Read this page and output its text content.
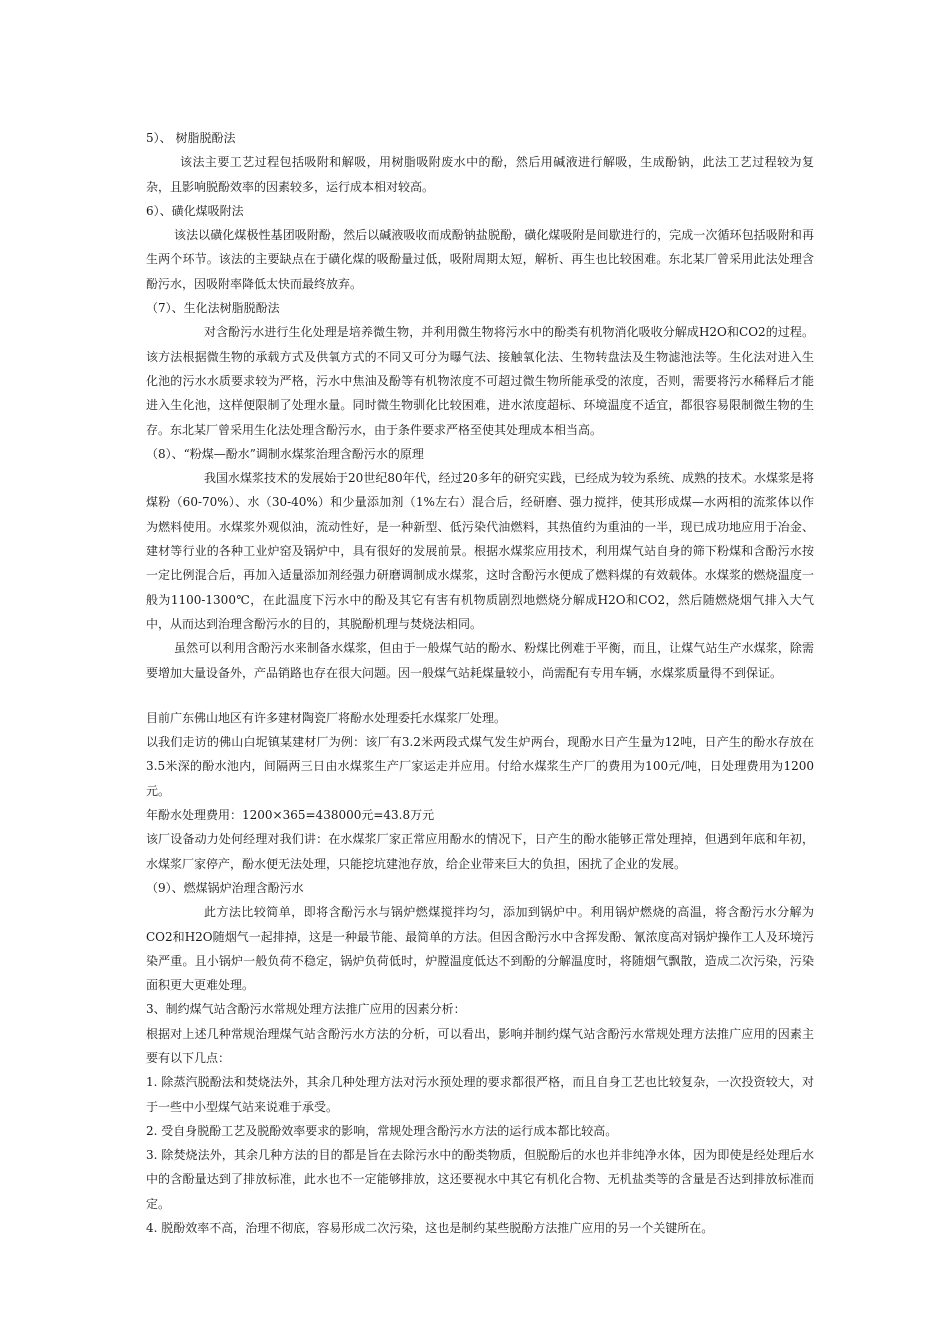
5）、 树脂脱酚法

该法主要工艺过程包括吸附和解吸，用树脂吸附废水中的酚，然后用碱液进行解吸，生成酚钠，此法工艺过程较为复杂，且影响脱酚效率的因素较多，运行成本相对较高。

6）、磺化煤吸附法

该法以磺化煤极性基团吸附酚，然后以碱液吸收而成酚钠盐脱酚，磺化煤吸附是间歇进行的，完成一次循环包括吸附和再生两个环节。该法的主要缺点在于磺化煤的吸酚量过低，吸附周期太短，解析、再生也比较困难。东北某厂曾采用此法处理含酚污水，因吸附率降低太快而最终放弃。

（7）、生化法树脂脱酚法

对含酚污水进行生化处理是培养微生物，并利用微生物将污水中的酚类有机物消化吸收分解成H2O和CO2的过程。该方法根据微生物的承载方式及供氧方式的不同又可分为曝气法、接触氧化法、生物转盘法及生物滤池法等。生化法对进入生化池的污水水质要求较为严格，污水中焦油及酚等有机物浓度不可超过微生物所能承受的浓度，否则，需要将污水稀释后才能进入生化池，这样便限制了处理水量。同时微生物驯化比较困难，进水浓度超标、环境温度不适宜，都很容易限制微生物的生存。东北某厂曾采用生化法处理含酚污水，由于条件要求严格至使其处理成本相当高。

（8）、“粉煤—酚水”调制水煤浆治理含酚污水的原理

我国水煤浆技术的发展始于20世纪80年代，经过20多年的研究实践，已经成为较为系统、成熟的技术。水煤浆是将煤粉（60-70%）、水（30-40%）和少量添加剂（1%左右）混合后，经研磨、强力搅拌，使其形成煤—水两相的流浆体以作为燃料使用。水煤浆外观似油，流动性好，是一种新型、低污染代油燃料，其热值约为重油的一半，现已成功地应用于冶金、建材等行业的各种工业炉窑及锅炉中，具有很好的发展前景。根据水煤浆应用技术，利用煤气站自身的筛下粉煤和含酚污水按一定比例混合后，再加入适量添加剂经强力研磨调制成水煤浆，这时含酚污水便成了燃料煤的有效载体。水煤浆的燃烧温度一般为1100-1300℃，在此温度下污水中的酚及其它有害有机物质剧烈地燃烧分解成H2O和CO2，然后随燃烧烟气排入大气中，从而达到治理含酚污水的目的，其脱酚机理与焚烧法相同。

虽然可以利用含酚污水来制备水煤浆，但由于一般煤气站的酚水、粉煤比例难于平衡，而且，让煤气站生产水煤浆，除需要增加大量设备外，产品销路也存在很大问题。因一般煤气站耗煤量较小，尚需配有专用车辆，水煤浆质量得不到保证。

目前广东佛山地区有许多建材陶瓷厂将酚水处理委托水煤浆厂处理。

以我们走访的佛山白坭镇某建材厂为例：该厂有3.2米两段式煤气发生炉两台，现酚水日产生量为12吨，日产生的酚水存放在3.5米深的酚水池内，间隔两三日由水煤浆生产厂家运走并应用。付给水煤浆生产厂的费用为100元/吨，日处理费用为1200元。

年酚水处理费用：1200×365=438000元=43.8万元

该厂设备动力处何经理对我们讲：在水煤浆厂家正常应用酚水的情况下，日产生的酚水能够正常处理掉，但遇到年底和年初，水煤浆厂家停产，酚水便无法处理，只能挖坑建池存放，给企业带来巨大的负担，困扰了企业的发展。

（9）、燃煤锅炉治理含酚污水

此方法比较简单，即将含酚污水与锅炉燃煤搅拌均匀，添加到锅炉中。利用锅炉燃烧的高温，将含酚污水分解为CO2和H2O随烟气一起排掉，这是一种最节能、最简单的方法。但因含酚污水中含挥发酚、氰浓度高对锅炉操作工人及环境污染严重。且小锅炉一般负荷不稳定，锅炉负荷低时，炉膛温度低达不到酚的分解温度时，将随烟气飘散，造成二次污染，污染面积更大更难处理。

3、制约煤气站含酚污水常规处理方法推广应用的因素分析：

根据对上述几种常规治理煤气站含酚污水方法的分析，可以看出，影响并制约煤气站含酚污水常规处理方法推广应用的因素主要有以下几点：

1. 除蒸汽脱酚法和焚烧法外，其余几种处理方法对污水预处理的要求都很严格，而且自身工艺也比较复杂，一次投资较大，对于一些中小型煤气站来说难于承受。

2. 受自身脱酚工艺及脱酚效率要求的影响，常规处理含酚污水方法的运行成本都比较高。

3. 除焚烧法外，其余几种方法的目的都是旨在去除污水中的酚类物质，但脱酚后的水也并非纯净水体，因为即使是经处理后水中的含酚量达到了排放标准，此水也不一定能够排放，这还要视水中其它有机化合物、无机盐类等的含量是否达到排放标准而定。

4. 脱酚效率不高，治理不彻底，容易形成二次污染，这也是制约某些脱酚方法推广应用的另一个关键所在。
